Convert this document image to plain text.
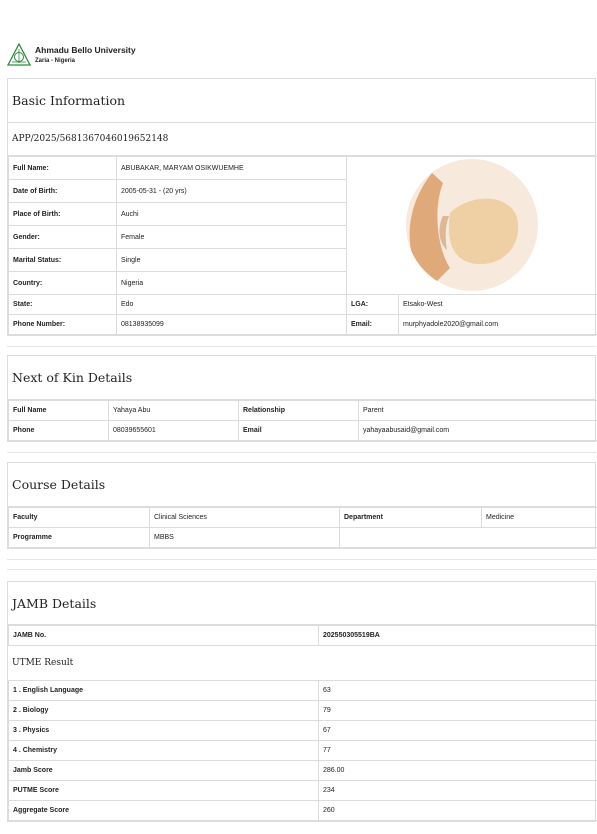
Ahmadu Bello University
Zaria - Nigeria
Basic Information
APP/2025/5681367046019652148
Full Name:	ABUBAKAR, MARYAM OSIKWUEMHE	
Date of Birth:	2005-05-31 - (20 yrs)		
Place of Birth:	Auchi		
Gender:	Female		
Marital Status:	Single		
Country:	Nigeria		
State:	Edo	LGA:	Etsako-West
Phone Number:	08138935099	Email:	murphyadole2020@gmail.com
Next of Kin Details
Full Name	Yahaya Abu	Relationship	Parent
Phone	08039655601	Email	yahayaabusaid@gmail.com
Course Details
Faculty	Clinical Sciences	Department	Medicine
Programme	MBBS		
JAMB Details
JAMB No.	202550305519BA
UTME Result
1 . English Language	63
2 . Biology	79
3 . Physics	67
4 . Chemistry	77
Jamb Score	286.00
PUTME Score	234
Aggregate Score	260
